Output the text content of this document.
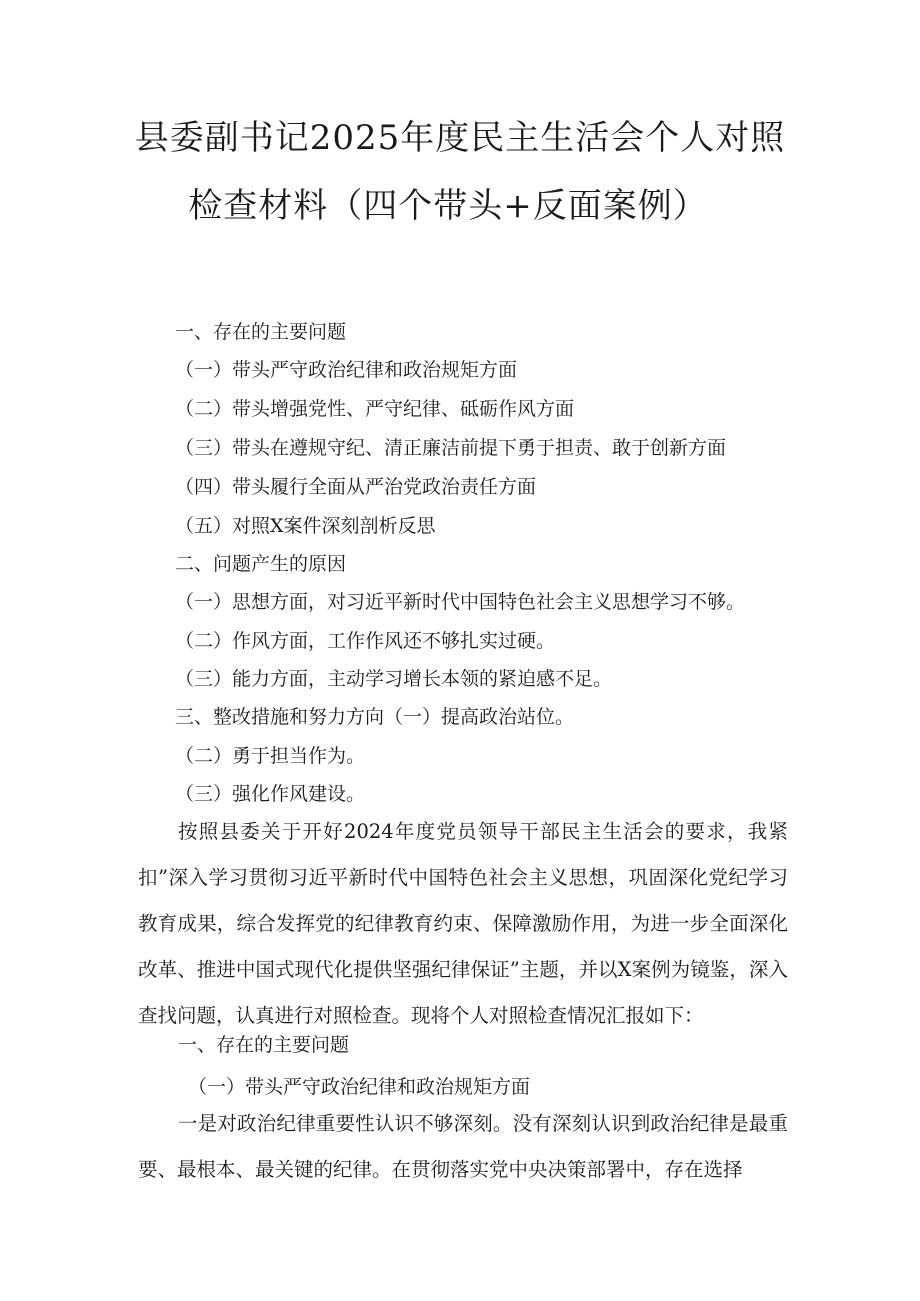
县委副书记2025年度民主生活会个人对照
检查材料（四个带头+反面案例）
一、存在的主要问题
（一）带头严守政治纪律和政治规矩方面
（二）带头增强党性、严守纪律、砥砺作风方面
（三）带头在遵规守纪、清正廉洁前提下勇于担责、敢于创新方面
（四）带头履行全面从严治党政治责任方面
（五）对照X案件深刻剖析反思
二、问题产生的原因
（一）思想方面，对习近平新时代中国特色社会主义思想学习不够。
（二）作风方面，工作作风还不够扎实过硬。
（三）能力方面，主动学习增长本领的紧迫感不足。
三、整改措施和努力方向（一）提高政治站位。
（二）勇于担当作为。
（三）强化作风建设。
按照县委关于开好2024年度党员领导干部民主生活会的要求，我紧扣”深入学习贯彻习近平新时代中国特色社会主义思想，巩固深化党纪学习教育成果，综合发挥党的纪律教育约束、保障激励作用，为进一步全面深化改革、推进中国式现代化提供坚强纪律保证”主题，并以X案例为镜鉴，深入查找问题，认真进行对照检查。现将个人对照检查情况汇报如下：
一、存在的主要问题
（一）带头严守政治纪律和政治规矩方面
一是对政治纪律重要性认识不够深刻。没有深刻认识到政治纪律是最重要、最根本、最关键的纪律。在贯彻落实党中央决策部署中，存在选择
